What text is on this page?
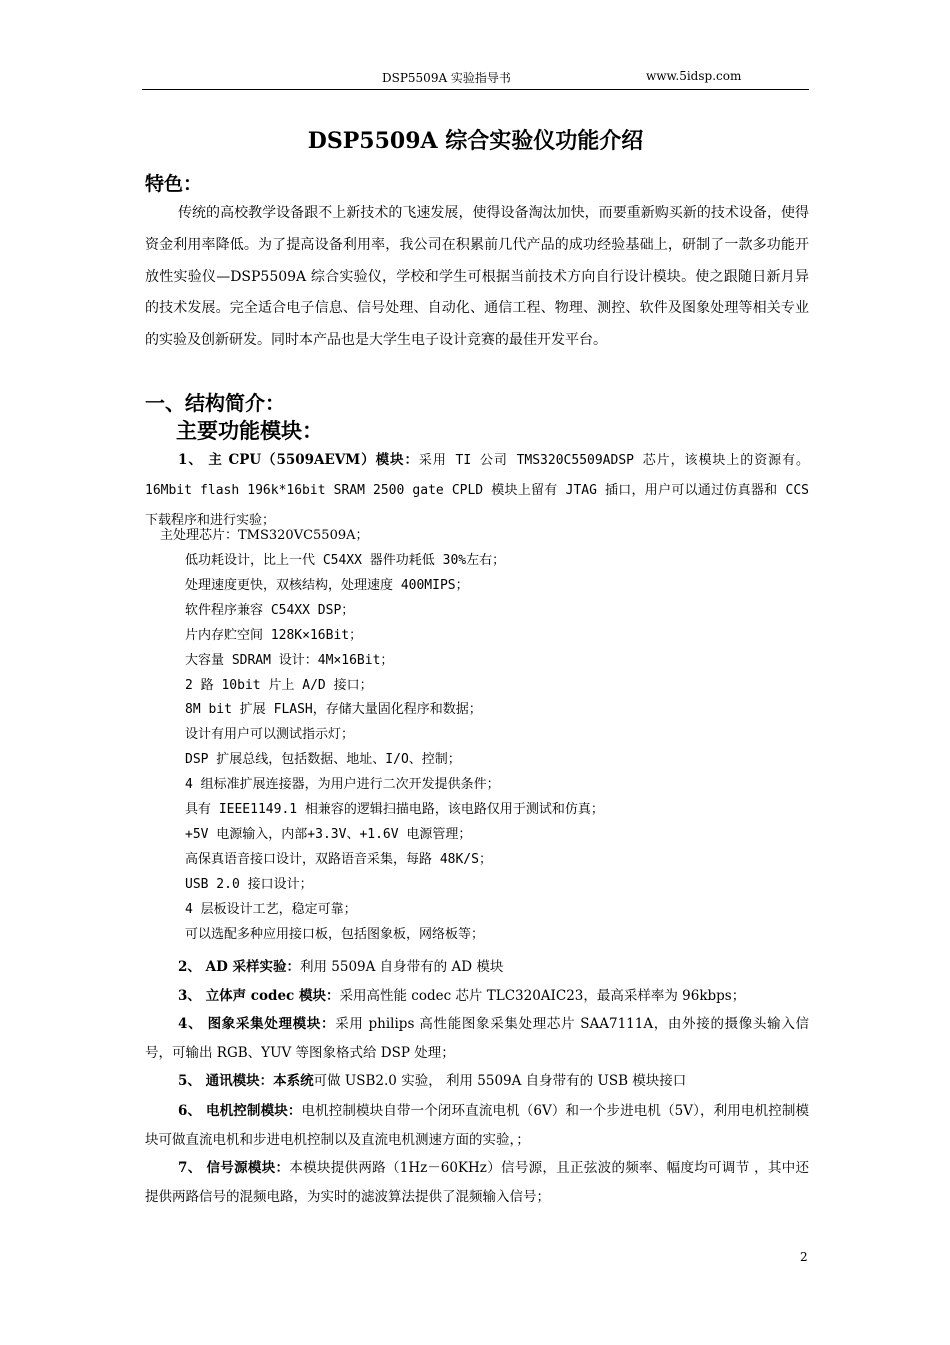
DSP5509A 实验指导书	www.5idsp.com
DSP5509A 综合实验仪功能介绍
特色：
传统的高校教学设备跟不上新技术的飞速发展，使得设备淘汰加快，而要重新购买新的技术设备，使得资金利用率降低。为了提高设备利用率，我公司在积累前几代产品的成功经验基础上，研制了一款多功能开放性实验仪—DSP5509A 综合实验仪，学校和学生可根据当前技术方向自行设计模块。使之跟随日新月异的技术发展。完全适合电子信息、信号处理、自动化、通信工程、物理、测控、软件及图象处理等相关专业的实验及创新研发。同时本产品也是大学生电子设计竞赛的最佳开发平台。
一、结构简介：
主要功能模块：
1、 主 CPU（5509AEVM）模块：采用 TI 公司 TMS320C5509ADSP 芯片，该模块上的资源有。16Mbit flash 196k*16bit SRAM 2500 gate CPLD 模块上留有 JTAG 插口，用户可以通过仿真器和 CCS 下载程序和进行实验；
主处理芯片：TMS320VC5509A；
低功耗设计，比上一代 C54XX 器件功耗低 30%左右；
处理速度更快，双核结构，处理速度 400MIPS；
软件程序兼容 C54XX DSP；
片内存贮空间 128K×16Bit；
大容量 SDRAM 设计：4M×16Bit；
2 路 10bit 片上 A/D 接口；
8M bit 扩展 FLASH，存储大量固化程序和数据；
设计有用户可以测试指示灯；
DSP 扩展总线，包括数据、地址、I/O、控制；
4 组标准扩展连接器，为用户进行二次开发提供条件；
具有 IEEE1149.1 相兼容的逻辑扫描电路，该电路仅用于测试和仿真；
+5V 电源输入，内部+3.3V、+1.6V 电源管理；
高保真语音接口设计，双路语音采集，每路 48K/S；
USB 2.0 接口设计；
4 层板设计工艺，稳定可靠；
可以选配多种应用接口板，包括图象板，网络板等；
2、 AD 采样实验：利用 5509A 自身带有的 AD 模块
3、 立体声 codec 模块：采用高性能 codec 芯片 TLC320AIC23，最高采样率为 96kbps；
4、 图象采集处理模块：采用 philips 高性能图象采集处理芯片 SAA7111A，由外接的摄像头输入信号，可输出 RGB、YUV 等图象格式给 DSP 处理；
5、 通讯模块：本系统可做 USB2.0 实验， 利用 5509A 自身带有的 USB 模块接口
6、 电机控制模块：电机控制模块自带一个闭环直流电机（6V）和一个步进电机（5V），利用电机控制模块可做直流电机和步进电机控制以及直流电机测速方面的实验，；
7、 信号源模块：本模块提供两路（1Hz－60KHz）信号源，且正弦波的频率、幅度均可调节 ，其中还提供两路信号的混频电路，为实时的滤波算法提供了混频输入信号；
2
